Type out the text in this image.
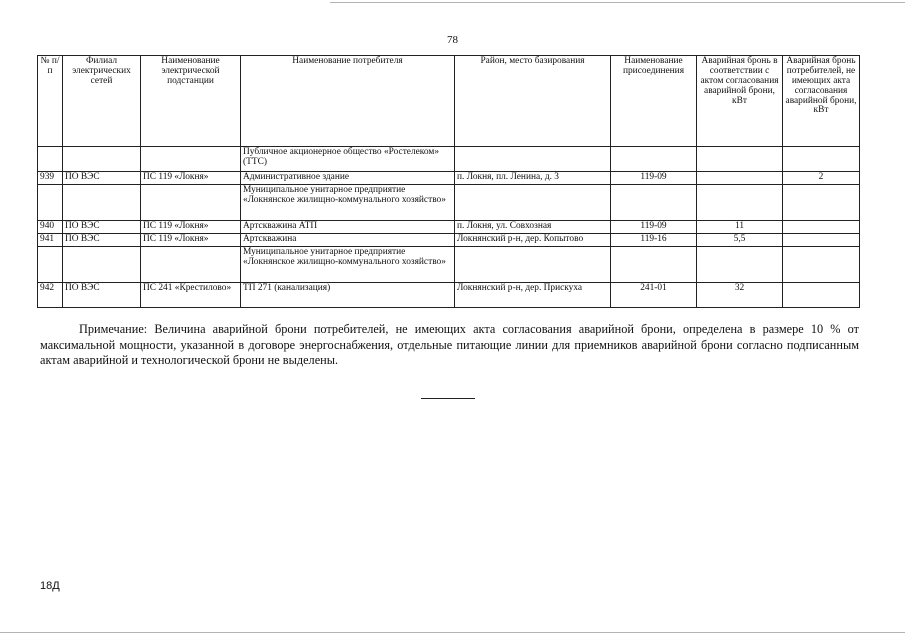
78
№ п/п	Филиал электрических сетей	Наименование электрической подстанции	Наименование потребителя	Район, место базирования	Наименование присоединения	Аварийная бронь в соответствии с актом согласования аварийной брони, кВт	Аварийная бронь потребителей, не имеющих акта согласования аварийной брони, кВт
			Публичное акционерное общество «Ростелеком» (ТТС)				
939	ПО ВЭС	ПС 119 «Локня»	Административное здание	п. Локня, пл. Ленина, д. 3	119-09		2
			Муниципальное унитарное предприятие «Локнянское жилищно-коммунального хозяйство»				
940	ПО ВЭС	ПС 119 «Локня»	Артскважина АТП	п. Локня, ул. Совхозная	119-09	11	
941	ПО ВЭС	ПС 119 «Локня»	Артскважина	Локнянский р-н, дер. Копытово	119-16	5,5	
			Муниципальное унитарное предприятие «Локнянское жилищно-коммунального хозяйство»				
942	ПО ВЭС	ПС 241 «Крестилово»	ТП 271 (канализация)	Локнянский р-н, дер. Прискуха	241-01	32	
Примечание: Величина аварийной брони потребителей, не имеющих акта согласования аварийной брони, определена в размере 10 % от максимальной мощности, указанной в договоре энергоснабжения, отдельные питающие линии для приемников аварийной брони согласно подписанным актам аварийной и технологической брони не выделены.
18Д
